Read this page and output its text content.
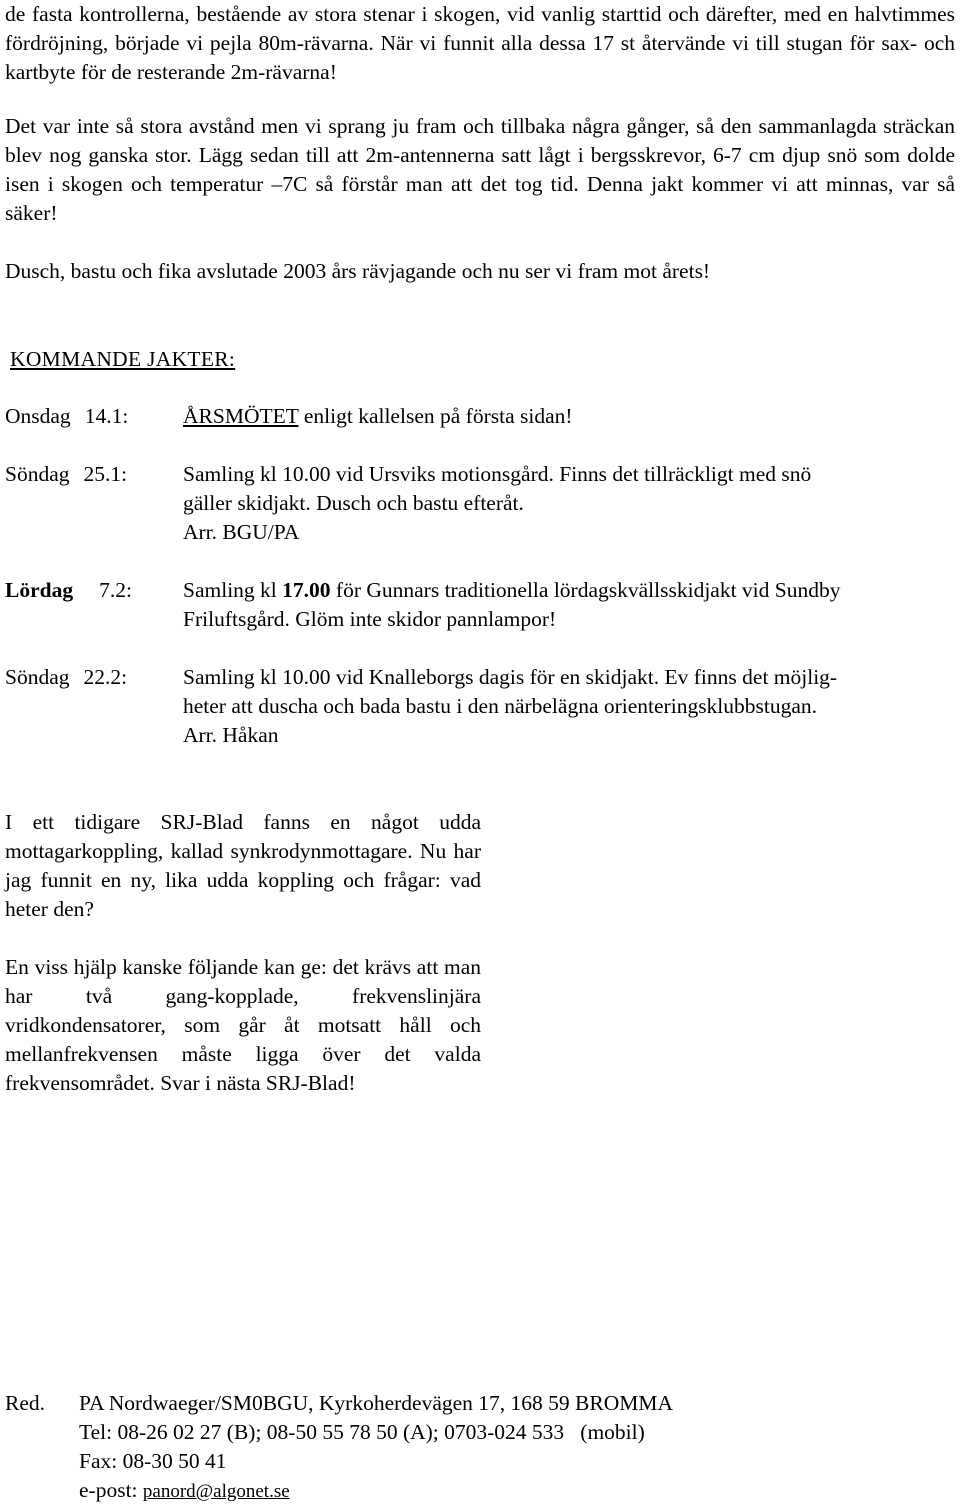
de fasta kontrollerna, bestående av stora stenar i skogen, vid vanlig starttid och därefter, med en halvtimmes fördröjning, började vi pejla 80m-rävarna. När vi funnit alla dessa 17 st återvände vi till stugan för sax- och kartbyte för de resterande 2m-rävarna!

Det var inte så stora avstånd men vi sprang ju fram och tillbaka några gånger, så den sammanlagda sträckan blev nog ganska stor. Lägg sedan till att 2m-antennerna satt lågt i bergsskrevor, 6-7 cm djup snö som dolde isen i skogen och temperatur –7C så förstår man att det tog tid. Denna jakt kommer vi att minnas, var så säker!

Dusch, bastu och fika avslutade 2003 års rävjagande och nu ser vi fram mot årets!

KOMMANDE JAKTER:
Onsdag 14.1:	ÅRSMÖTET enligt kallelsen på första sidan!
Söndag 25.1:	Samling kl 10.00 vid Ursviks motionsgård. Finns det tillräckligt med snö
gäller skidjakt. Dusch och bastu efteråt.
Arr. BGU/PA
Lördag 7.2: Samling kl 17.00 för Gunnars traditionella lördagskvällsskidjakt vid Sundby
Friluftsgård. Glöm inte skidor pannlampor!
Söndag 22.2:	Samling kl 10.00 vid Knalleborgs dagis för en skidjakt. Ev finns det möjlig-
heter att duscha och bada bastu i den närbelägna orienteringsklubbstugan.
Arr. Håkan

I ett tidigare SRJ-Blad fanns en något udda mottagarkoppling, kallad synkrodynmottagare. Nu har jag funnit en ny, lika udda koppling och frågar: vad heter den?

En viss hjälp kanske följande kan ge: det krävs att man har två gang-kopplade, frekvenslinjära vridkondensatorer, som går åt motsatt håll och mellanfrekvensen måste ligga över det valda frekvensområdet. Svar i nästa SRJ-Blad!

Red. PA Nordwaeger/SM0BGU, Kyrkoherdevägen 17, 168 59 BROMMA
Tel: 08-26 02 27 (B); 08-50 55 78 50 (A); 0703-024 533   (mobil)
Fax: 08-30 50 41
e-post: panord@algonet.se
